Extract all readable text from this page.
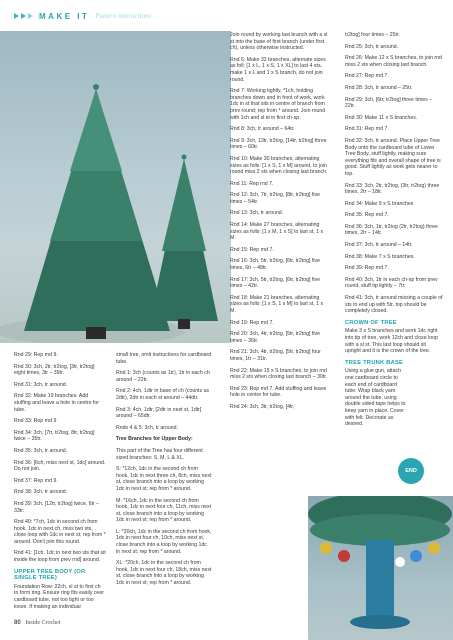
MAKE IT Pattern instructions

Rnd 29: Rep rnd 9.

Rnd 30: 3ch, 2tr, tr2tog, [3tr, tr2tog] eight times, 3tr – 39tr.

Rnd 31: 3ch, tr around.

Rnd 32: Make 19 branches. Add stuffing and leave a hole in centre for tube.

Rnd 33: Rep rnd 9

Rnd 34: 3ch, [7tr, tr2tog, 8tr, tr2tog] twice – 35tr.

Rnd 35: 3ch, tr around.

Rnd 36: [6ch, miss next st, 1dc] around. Do not join.

Rnd 37: Rep rnd 9.

Rnd 38: 3ch, tr around.

Rnd 39: 3ch, [12tr, tr2tog] twice, 6tr – 33tr.

Rnd 40: *7ch, 1dc in second ch from hook, 1dc in next ch, miss two sts, close loop with 1dc in next st; rep from * around. Don't join this round.

Rnd 41: [1ch, 1dc in next two sts that sit inside the loop from prev rnd] around.

UPPER TREE BODY (OR SINGLE TREE)

Foundation Row: 22ch, sl st to first ch to form ring. Ensure ring fits easily over cardboard tube, not too tight or too loose. If making an individual

small tree, omit instructions for cardboard tube.

Rnd 1: 3ch (counts as 1tr), 1tr in each ch around – 22tr.

Rnd 2: 4ch, 1dtr in base of ch (counts as 2dtr), 2dtr in each st around – 44dtr.

Rnd 3: 4ch, 1dtr, [2dtr in next st, 1dtr] around – 65dtr.

Rnds 4 & 5: 3ch, tr around.

Tree Branches for Upper Body:

This part of the Tree has four different sized branches: S, M, L & XL.

S: *12ch, 1dc in the second ch from hook, 1dc in next three ch, 8ch, miss next st, close branch into a loop by working 1dc in next st; rep from * around.

M: *16ch, 1dc in the second ch from hook, 1dc in next four ch, 11ch, miss next st, close branch into a loop by working 1dc in next st; rep from * around.

L: *20ch, 1dc in the second ch from hook, 1dc in next four ch, 10ch, miss next st, close branch into a loop by working 1dc in next st; rep from * around.

XL: *20ch, 1dc in the second ch from hook, 1dc in next four ch, 18ch, miss next st, close branch into a loop by working 1dc in next st; rep from * around.

Join round by working last branch with a sl st into the base of first branch (under first ch), unless otherwise instructed.

Rnd 6: Make 32 branches, alternate sizes as foll: [1 x L, 1 x S, 1 x XL] to last 4 sts, make 1 x L and 1 x S branch, do not join round.

Rnd 7: Working tightly, *1ch, holding branches down and in front of work, work 1dc in st that sits in centre of branch from prev round; rep from * around. Join round with 1ch and sl st in first ch-sp.

Rnd 8: 3ch, tr around – 64tr.

Rnd 9: 3ch, 13tr, tr2tog, [14tr, tr2tog] three times – 60tr.

Rnd 10: Make 30 branches, alternating sizes as folls: [1 x S, 1 x M] around, to join round miss 2 sts when closing last branch.

Rnd 11: Rep rnd 7.

Rnd 12: 3ch, 7tr, tr2tog, [8tr, tr2tog] five times – 54tr.

Rnd 13: 3ch, tr around.

Rnd 14: Make 27 branches, alternating sizes as folls: [1 x M, 1 x S] to last st, 1 x M.

Rnd 15: Rep rnd 7.

Rnd 16: 3ch, 5tr, tr2tog, [6tr, tr2tog] five times, 6tr – 48tr.

Rnd 17: 3ch, 5tr, tr2tog, [6tr, tr2tog] five times – 42tr.

Rnd 18: Make 21 branches, alternating sizes as folls: [1 x S, 1 x M] to last st, 1 x M.

Rnd 19: Rep rnd 7.

Rnd 20: 3ch, 4tr, tr2tog, [5tr, tr2tog] five times – 36tr.

Rnd 21: 3ch, 4tr, tr2tog, [5tr, tr2tog] four times, 1tr – 31tr.

Rnd 22: Make 15 x S branches, to join rnd miss 2 sts when closing last branch – 30tr.

Rnd 23: Rep rnd 7. Add stuffing and leave hole in centre for tube.

Rnd 24: 3ch, 3tr, tr2tog, [4tr,

tr2tog] four times – 25tr.

Rnd 25: 3ch, tr around.

Rnd 26: Make 12 x S branches, to join rnd miss 2 sts when closing last branch.

Rnd 27: Rep rnd 7.

Rnd 28: 3ch, tr around – 25tr.

Rnd 29: 3ch, [6tr, tr2tog] three times – 22tr.

Rnd 30: Make 11 x S branches.

Rnd 31: Rep rnd 7.

Rnd 32: 3ch, tr around. Place Upper Tree Body onto the cardboard tube of Lower Tree Body, stuff lightly, making sure everything fits and overall shape of tree is good. Stuff lightly as work gets nearer to top.

Rnd 33: 3ch, 2tr, tr2tog, (3tr, tr2tog) three times, 2tr – 18tr.

Rnd 34: Make 9 x S branches

Rnd 35: Rep rnd 7.

Rnd 36: 3ch, 1tr, tr2tog (2tr, tr2tog) three times, 2tr – 14tr.

Rnd 37: 3ch, tr around – 14tr.

Rnd 38: Make 7 x S branches.

Rnd 39: Rep rnd 7.

Rnd 40: 3ch, 1tr in each ch-sp from prev round, stuff tip lightly – 7tr.

Rnd 41: 3ch, tr around missing a couple of sts to end up with 5tr, top should be completely closed.

CROWN OF TREE

Make 3 x S branches and work 1dc right into tip of tree, work 12ch and close loop with a sl st. This last loop should sit upright and it is the crown of the tree.

TREE TRUNK BASE

Using a glue gun, attach one cardboard circle to each end of cardboard tube. Wrap black yarn around the tube, using double sided tape helps to keep yarn in place. Cover with felt. Decorate as desired.

END
80 Inside Crochet
